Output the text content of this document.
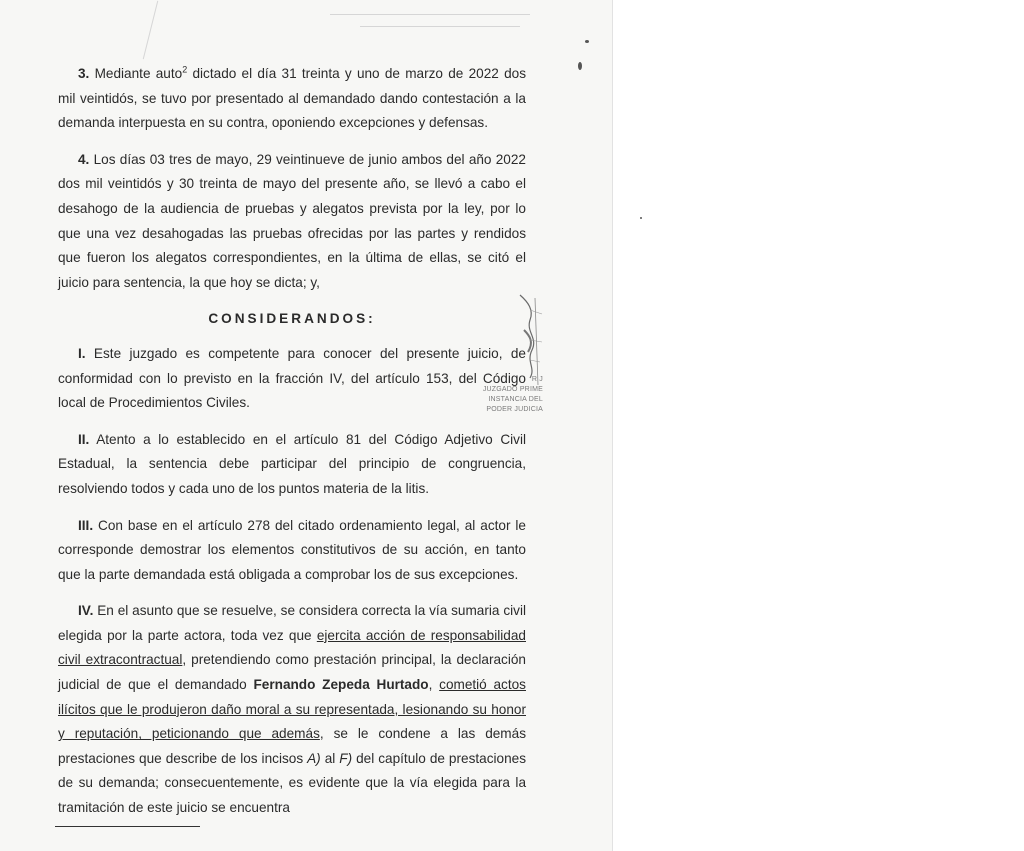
3. Mediante auto$^2$ dictado el día 31 treinta y uno de marzo de 2022 dos mil veintidós, se tuvo por presentado al demandado dando contestación a la demanda interpuesta en su contra, oponiendo excepciones y defensas.

4. Los días 03 tres de mayo, 29 veintinueve de junio ambos del año 2022 dos mil veintidós y 30 treinta de mayo del presente año, se llevó a cabo el desahogo de la audiencia de pruebas y alegatos prevista por la ley, por lo que una vez desahogadas las pruebas ofrecidas por las partes y rendidos que fueron los alegatos correspondientes, en la última de ellas, se citó el juicio para sentencia, la que hoy se dicta; y,

CONSIDERANDOS:

I. Este juzgado es competente para conocer del presente juicio, de conformidad con lo previsto en la fracción IV, del artículo 153, del Código local de Procedimientos Civiles.

II. Atento a lo establecido en el artículo 81 del Código Adjetivo Civil Estadual, la sentencia debe participar del principio de congruencia, resolviendo todos y cada uno de los puntos materia de la litis.

III. Con base en el artículo 278 del citado ordenamiento legal, al actor le corresponde demostrar los elementos constitutivos de su acción, en tanto que la parte demandada está obligada a comprobar los de sus excepciones.

IV. En el asunto que se resuelve, se considera correcta la vía sumaria civil elegida por la parte actora, toda vez que ejercita acción de responsabilidad civil extracontractual, pretendiendo como prestación principal, la declaración judicial de que el demandado Fernando Zepeda Hurtado, cometió actos ilícitos que le produjeron daño moral a su representada, lesionando su honor y reputación, peticionando que además, se le condene a las demás prestaciones que describe de los incisos A) al F) del capítulo de prestaciones de su demanda; consecuentemente, es evidente que la vía elegida para la tramitación de este juicio se encuentra

R J
JUZGADO PRIME
INSTANCIA DEL
PODER JUDICIA
